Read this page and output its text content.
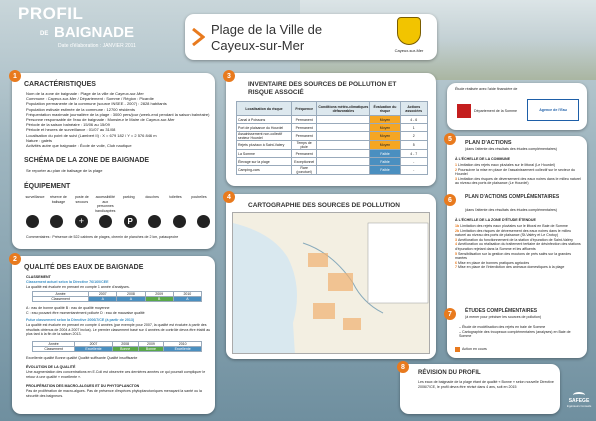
PROFIL
DE BAIGNADE
Date d'élaboration : JANVIER 2011
Plage de la Ville de
Cayeux-sur-Mer	Cayeux-sur-Mer
1
CARACTÉRISTIQUES
Nom de la zone de baignade : Plage de la ville de Cayeux-sur-Mer
Commune : Cayeux-sur-Mer / Département : Somme / Région : Picardie
Population permanente de la commune (source INSEE - 2007) : 2828 habitants
Population estivale estimée de la commune : 12700 résidents
Fréquentation maximale journalière de la plage : 3000 pers/jour (week-end pendant la saison balnéaire)
Personne responsable de l'eau de baignade : Monsieur le Maire de Cayeux-sur-Mer
Période de la saison balnéaire : 15/06 au 15/09
Période et heures de surveillance : 01/07 au 31/08
Localisation du point de suivi (Lambert II) : X = 679 182 / Y = 2 576 846 m
Nature : galets
Activités autre que baignade : École de voile, Club nautique
SCHÉMA DE LA ZONE DE BAIGNADE
Se reporter au plan de balisage de la plage
ÉQUIPEMENT
surveillance	réserve de balisage
poste de secours
accessibilité aux personnes handicapées
parking	douches	toilettes	poubelles
+	P
Commentaires : Présence de 522 cabines de plages, chemin de planches de 2 km, patauqeoire
2
QUALITÉ DES EAUX DE BAIGNADE
CLASSEMENT
Classement actuel selon la Directive 76/160/CEE
La qualité est évaluée en prenant en compte 1 année d'analyses.
Année	2007	2008	2009	2010
Classement	A	A	B	A
A : eau de bonne qualité B : eau de qualité moyenne
C : eau pouvant être momentanément polluée D : eau de mauvaise qualité
Futur classement selon la Directive 2006/7/CE (à partir de 2013)
La qualité est évaluée en prenant en compte 4 années (par exemple pour 2007, la qualité est évaluée à partir des résultats obtenus de 2004 à 2007 inclus). Le premier classement basé sur 4 années de contrôle devra être établi au plus tard à la fin de la saison 2013.
Année	2007	2008	2009	2010
Classement	Excellente	Bonne	Bonne	Excellente
Excellente qualité Bonne qualité Qualité suffisante Qualité insuffisante
ÉVOLUTION DE LA QUALITÉ
Une augmentation des concentrations en E.Coli est observée ces dernières années ce qui pourrait compliquer le retour à une qualité « excellente ».
PROLIFÉRATION DES MACRO-ALGUES ET DU PHYTOPLANCTON
Pas de prolifération de macro-algues. Pas de présence d'espèces phytoplanctoniques menaçant la santé ou la sécurité des baigneurs.
3
INVENTAIRE DES SOURCES DE POLLUTION ET RISQUE ASSOCIÉ
Localisation du risque	Fréquence	Conditions météo-climatiques défavorables	Évaluation du risque	Actions associées
Canal à Poissons	Permanent		Moyen	4 - 6
Port de plaisance du Hourdel	Permanent		Moyen	1
Assainissement non-collectif secteur Hourdel	Permanent		Moyen	2
Rejets pluviaux à Saint-Valery	Temps de pluie		Moyen	5
La Somme	Permanent		Faible	4 - 7
Élevage sur la plage	Exceptionnel		Faible	-
Camping-cars	Rare (ponctuel)		Faible	-
4
CARTOGRAPHIE DES SOURCES DE POLLUTION
Étude réalisée avec l'aide financière de
Département de la Somme	Agence de l'Eau
5
PLAN D'ACTIONS
(dans l'attente des résultats des études complémentaires)
À L'ÉCHELLE DE LA COMMUNE
1 Limitation des rejets eaux pluviales sur le littoral (Le Hourdel)
2 Poursuivre la mise en place de l'assainissement collectif sur le secteur du Hourdel
3 Limitation des risques de déversement des eaux noires dans le milieu naturel au niveau des ports de plaisance (Le Hourdel)
6	PLAN D'ACTIONS COMPLÉMENTAIRES
(dans l'attente des résultats des études complémentaires)
À L'ÉCHELLE DE LA ZONE D'ÉTUDE ÉTENDUE
1b Limitation des rejets eaux pluviales sur le littoral en Baie de Somme
2b Limitation des risques de déversement des eaux noires dans le milieu naturel au niveau des ports de plaisance (St-Valéry et Le Crotoy)
3 Amélioration du fonctionnement de la station d'épuration de Saint-Valéry
4 Amélioration ou réalisation du traitement tertiaire de désinfection des stations d'épuration rejetant dans la Somme et les affluents
5 Sensibilisation sur la gestion des moutons de prés salés sur la grandes marées
6 Mise en place de bonnes pratiques agricoles
7 Mise en place de l'interdiction des animaux domestiques à la plage
7	ÉTUDES COMPLÉMENTAIRES
(à mener pour préciser les sources de pollution)
– Étude de modélisation des rejets en baie de Somme
– Cartographie des troupeaux complémentaires (analyses) en Baie de Somme
Action en cours
8
RÉVISION DU PROFIL
Les eaux de baignade de la plage étant de qualité « Bonne » selon nouvelle Directive 2006/7/CE, le profil devra être révisé dans 4 ans, soit en 2015
SAFEGE
Ingénieurs Conseils
